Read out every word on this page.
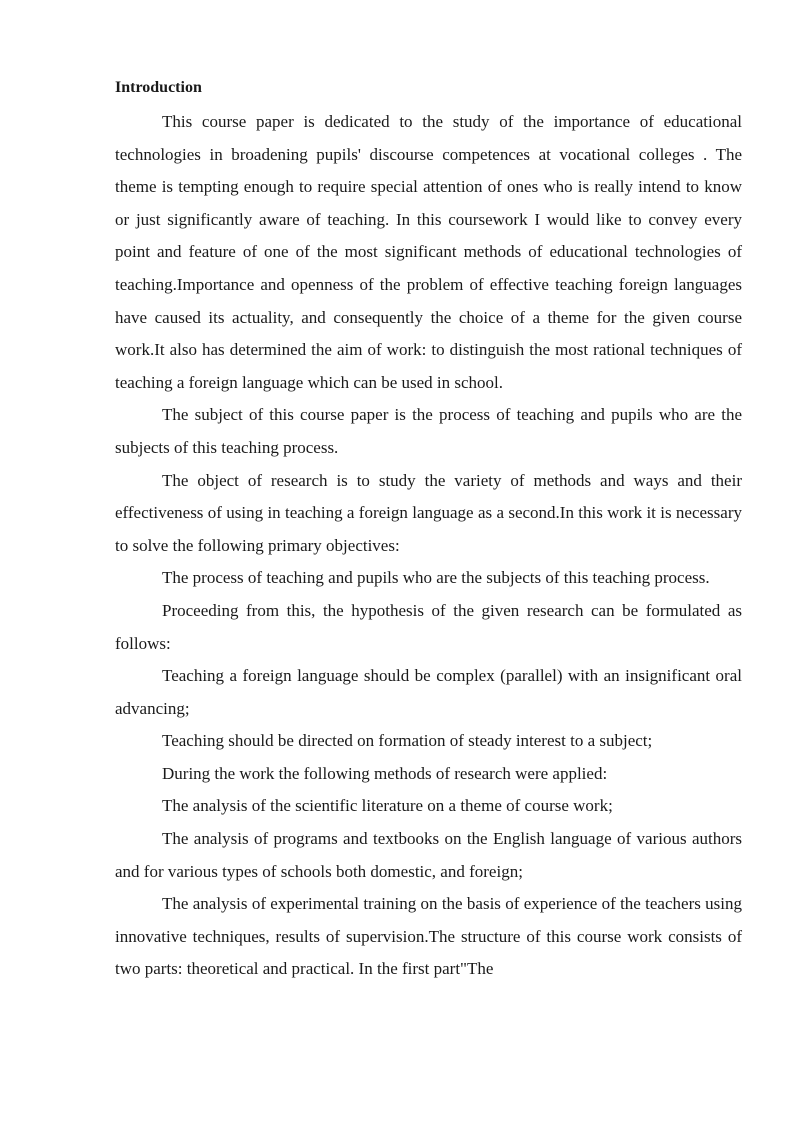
Introduction

This course paper is dedicated to the study of the importance of educational technologies in broadening pupils' discourse competences at vocational colleges . The theme is tempting enough to require special attention of ones who is really intend to know or just significantly aware of teaching. In this coursework I would like to convey every point and feature of one of the most significant methods of educational technologies of teaching.Importance and openness of the problem of effective teaching foreign languages have caused its actuality, and consequently the choice of a theme for the given course work.It also has determined the aim of work: to distinguish the most rational techniques of teaching a foreign language which can be used in school.

The subject of this course paper is the process of teaching and pupils who are the subjects of this teaching process.

The object of research is to study the variety of methods and ways and their effectiveness of using in teaching a foreign language as a second.In this work it is necessary to solve the following primary objectives:

The process of teaching and pupils who are the subjects of this teaching process.

Proceeding from this, the hypothesis of the given research can be formulated as follows:

Teaching a foreign language should be complex (parallel) with an insignificant oral advancing;

Teaching should be directed on formation of steady interest to a subject;

During the work the following methods of research were applied:

The analysis of the scientific literature on a theme of course work;

The analysis of programs and textbooks on the English language of various authors and for various types of schools both domestic, and foreign;

The analysis of experimental training on the basis of experience of the teachers using innovative techniques, results of supervision.The structure of this course work consists of two parts: theoretical and practical. In the first part"The
